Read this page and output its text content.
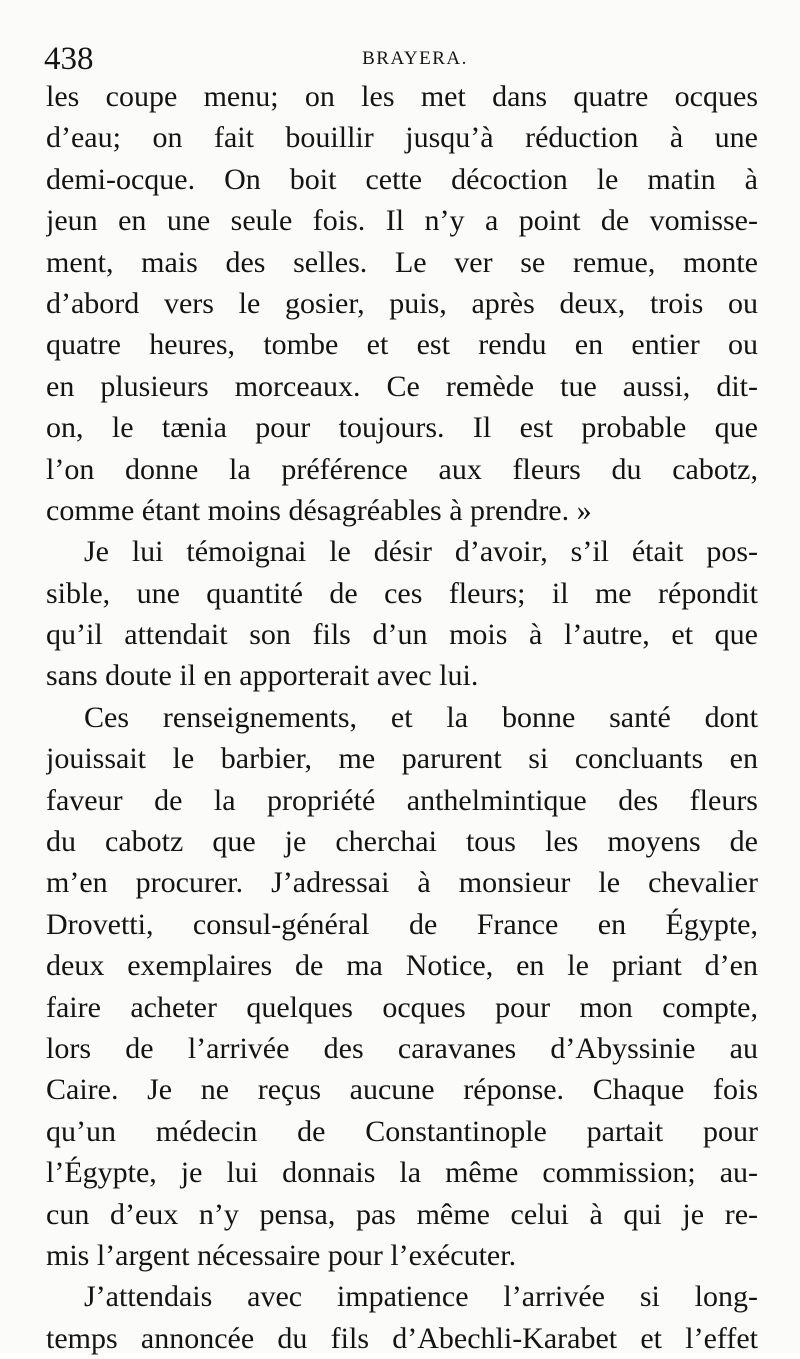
438	BRAYERA.
les coupe menu; on les met dans quatre ocques
d’eau; on fait bouillir jusqu’à réduction à une
demi-ocque. On boit cette décoction le matin à
jeun en une seule fois. Il n’y a point de vomisse-
ment, mais des selles. Le ver se remue, monte
d’abord vers le gosier, puis, après deux, trois ou
quatre heures, tombe et est rendu en entier ou
en plusieurs morceaux. Ce remède tue aussi, dit-
on, le tænia pour toujours. Il est probable que
l’on donne la préférence aux fleurs du cabotz,
comme étant moins désagréables à prendre. »
Je lui témoignai le désir d’avoir, s’il était pos-
sible, une quantité de ces fleurs; il me répondit
qu’il attendait son fils d’un mois à l’autre, et que
sans doute il en apporterait avec lui.
Ces renseignements, et la bonne santé dont
jouissait le barbier, me parurent si concluants en
faveur de la propriété anthelmintique des fleurs
du cabotz que je cherchai tous les moyens de
m’en procurer. J’adressai à monsieur le chevalier
Drovetti, consul-général de France en Égypte,
deux exemplaires de ma Notice, en le priant d’en
faire acheter quelques ocques pour mon compte,
lors de l’arrivée des caravanes d’Abyssinie au
Caire. Je ne reçus aucune réponse. Chaque fois
qu’un médecin de Constantinople partait pour
l’Égypte, je lui donnais la même commission; au-
cun d’eux n’y pensa, pas même celui à qui je re-
mis l’argent nécessaire pour l’exécuter.
J’attendais avec impatience l’arrivée si long-
temps annoncée du fils d’Abechli-Karabet et l’effet
